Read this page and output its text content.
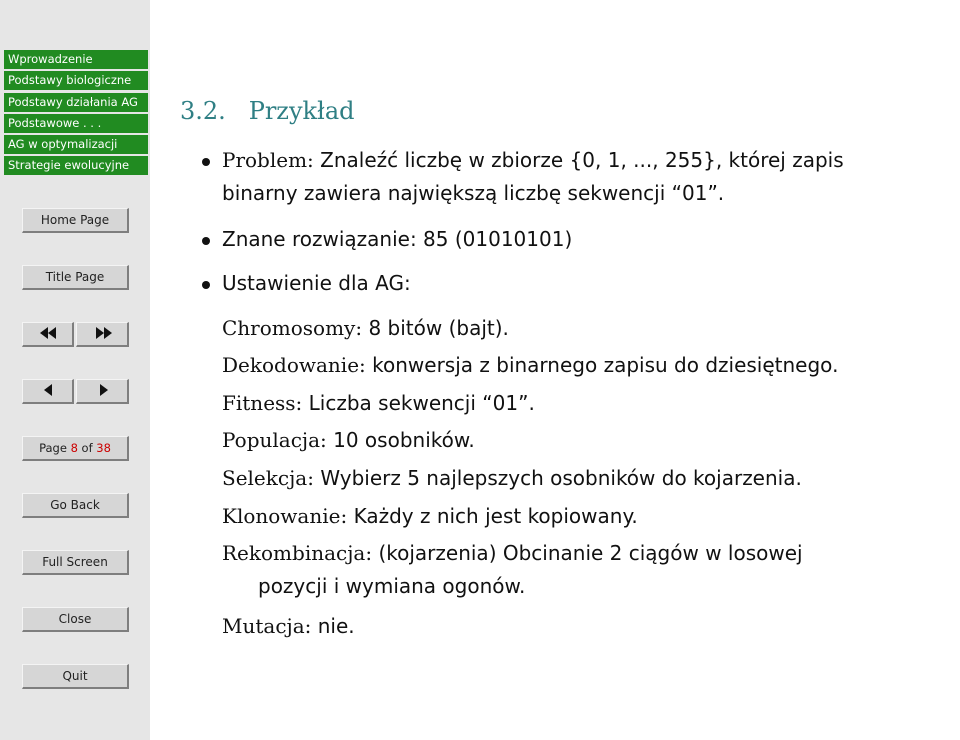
Wprowadzenie
Podstawy biologiczne
Podstawy działania AG
Podstawowe . . .
AG w optymalizacji
Strategie ewolucyjne
Home Page
Title Page
Page 8 of 38
Go Back
Full Screen
Close
Quit
3.2. Przykład
Problem: Znaleźć liczbę w zbiorze {0, 1, ..., 255}, której zapis
binarny zawiera największą liczbę sekwencji “01”.
Znane rozwiązanie: 85 (01010101)
Ustawienie dla AG:
Chromosomy: 8 bitów (bajt).
Dekodowanie: konwersja z binarnego zapisu do dziesiętnego.
Fitness: Liczba sekwencji “01”.
Populacja: 10 osobników.
Selekcja: Wybierz 5 najlepszych osobników do kojarzenia.
Klonowanie: Każdy z nich jest kopiowany.
Rekombinacja: (kojarzenia) Obcinanie 2 ciągów w losowej
pozycji i wymiana ogonów.
Mutacja: nie.
